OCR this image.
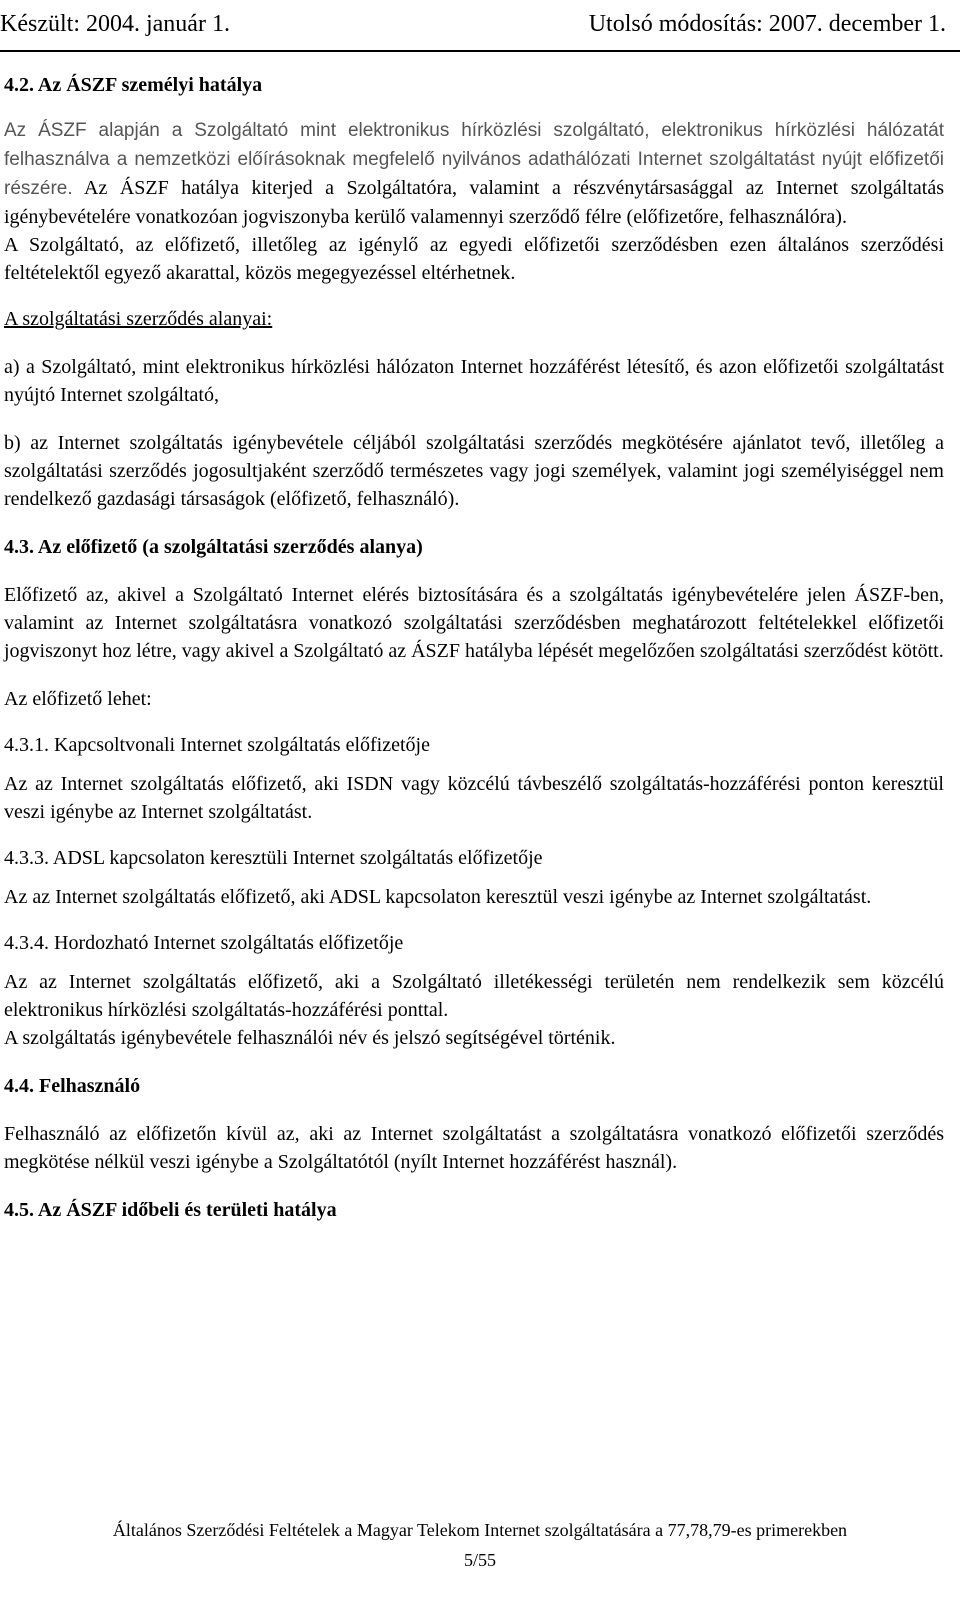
Készült: 2004. január 1.	Utolsó módosítás: 2007. december 1.

4.2. Az ÁSZF személyi hatálya

Az ÁSZF alapján a Szolgáltató mint elektronikus hírközlési szolgáltató, elektronikus hírközlési hálózatát felhasználva a nemzetközi előírásoknak megfelelő nyilvános adathálózati Internet szolgáltatást nyújt előfizetői részére. Az ÁSZF hatálya kiterjed a Szolgáltatóra, valamint a részvénytársasággal az Internet szolgáltatás igénybevételére vonatkozóan jogviszonyba kerülő valamennyi szerződő félre (előfizetőre, felhasználóra).

A Szolgáltató, az előfizető, illetőleg az igénylő az egyedi előfizetői szerződésben ezen általános szerződési feltételektől egyező akarattal, közös megegyezéssel eltérhetnek.

A szolgáltatási szerződés alanyai:

a) a Szolgáltató, mint elektronikus hírközlési hálózaton Internet hozzáférést létesítő, és azon előfizetői szolgáltatást nyújtó Internet szolgáltató,

b) az Internet szolgáltatás igénybevétele céljából szolgáltatási szerződés megkötésére ajánlatot tevő, illetőleg a szolgáltatási szerződés jogosultjaként szerződő természetes vagy jogi személyek, valamint jogi személyiséggel nem rendelkező gazdasági társaságok (előfizető, felhasználó).

4.3. Az előfizető (a szolgáltatási szerződés alanya)

Előfizető az, akivel a Szolgáltató Internet elérés biztosítására és a szolgáltatás igénybevételére jelen ÁSZF-ben, valamint az Internet szolgáltatásra vonatkozó szolgáltatási szerződésben meghatározott feltételekkel előfizetői jogviszonyt hoz létre, vagy akivel a Szolgáltató az ÁSZF hatályba lépését megelőzően szolgáltatási szerződést kötött.

Az előfizető lehet:

4.3.1. Kapcsoltvonali Internet szolgáltatás előfizetője

Az az Internet szolgáltatás előfizető, aki ISDN vagy közcélú távbeszélő szolgáltatás-hozzáférési ponton keresztül veszi igénybe az Internet szolgáltatást.

4.3.3. ADSL kapcsolaton keresztüli Internet szolgáltatás előfizetője

Az az Internet szolgáltatás előfizető, aki ADSL kapcsolaton keresztül veszi igénybe az Internet szolgáltatást.

4.3.4. Hordozható Internet szolgáltatás előfizetője

Az az Internet szolgáltatás előfizető, aki a Szolgáltató illetékességi területén nem rendelkezik sem közcélú elektronikus hírközlési szolgáltatás-hozzáférési ponttal.

A szolgáltatás igénybevétele felhasználói név és jelszó segítségével történik.

4.4. Felhasználó

Felhasználó az előfizetőn kívül az, aki az Internet szolgáltatást a szolgáltatásra vonatkozó előfizetői szerződés megkötése nélkül veszi igénybe a Szolgáltatótól (nyílt Internet hozzáférést használ).

4.5. Az ÁSZF időbeli és területi hatálya

Általános Szerződési Feltételek a Magyar Telekom Internet szolgáltatására a 77,78,79-es primerekben
5/55
